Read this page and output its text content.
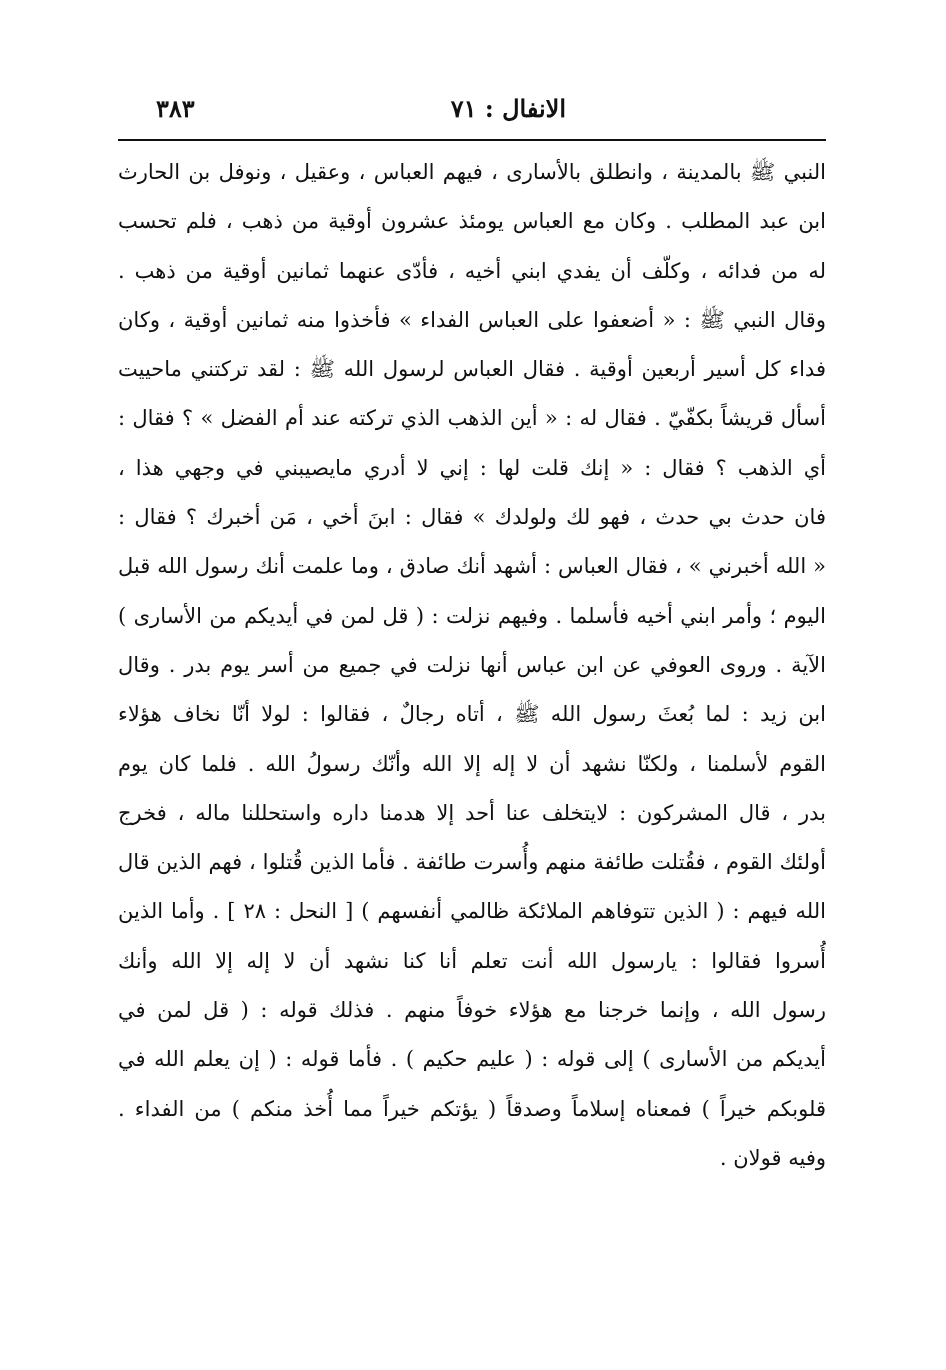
الانفال : ٧١
٣٨٣
النبي ﷺ بالمدينة ، وانطلق بالأسارى ، فيهم العباس ، وعقيل ، ونوفل بن الحارث
ابن عبد المطلب . وكان مع العباس يومئذ عشرون أوقية من ذهب ، فلم تحسب
له من فدائه ، وكلّف أن يفدي ابني أخيه ، فأدّى عنهما ثمانين أوقية من ذهب .
وقال النبي ﷺ : « أضعفوا على العباس الفداء » فأخذوا منه ثمانين أوقية ، وكان
فداء كل أسير أربعين أوقية . فقال العباس لرسول الله ﷺ : لقد تركتني ماحييت
أسأل قريشاً بكفّيّ . فقال له : « أين الذهب الذي تركته عند أم الفضل » ؟ فقال :
أي الذهب ؟ فقال : « إنك قلت لها : إني لا أدري مايصيبني في وجهي هذا ،
فان حدث بي حدث ، فهو لك ولولدك » فقال : ابنَ أخي ، مَن أخبرك ؟ فقال :
« الله أخبرني » ، فقال العباس : أشهد أنك صادق ، وما علمت أنك رسول الله قبل
اليوم ؛ وأمر ابني أخيه فأسلما . وفيهم نزلت : ( قل لمن في أيديكم من الأسارى )
الآية . وروى العوفي عن ابن عباس أنها نزلت في جميع من أسر يوم بدر . وقال
ابن زيد : لما بُعثَ رسول الله ﷺ ، أتاه رجالٌ ، فقالوا : لولا أنّا نخاف هؤلاء
القوم لأسلمنا ، ولكنّا نشهد أن لا إله إلا الله وأنّك رسولُ الله . فلما كان يوم
بدر ، قال المشركون : لايتخلف عنا أحد إلا هدمنا داره واستحللنا ماله ، فخرج
أولئك القوم ، فقُتلت طائفة منهم وأُسرت طائفة . فأما الذين قُتلوا ، فهم الذين قال
الله فيهم : ( الذين تتوفاهم الملائكة ظالمي أنفسهم ) [ النحل : ٢٨ ] . وأما الذين
أُسروا فقالوا : يارسول الله أنت تعلم أنا كنا نشهد أن لا إله إلا الله وأنك
رسول الله ، وإنما خرجنا مع هؤلاء خوفاً منهم . فذلك قوله : ( قل لمن في
أيديكم من الأسارى ) إلى قوله : ( عليم حكيم ) . فأما قوله : ( إن يعلم الله في
قلوبكم خيراً ) فمعناه إسلاماً وصدقاً ( يؤتكم خيراً مما أُخذ منكم ) من الفداء .
وفيه قولان .
